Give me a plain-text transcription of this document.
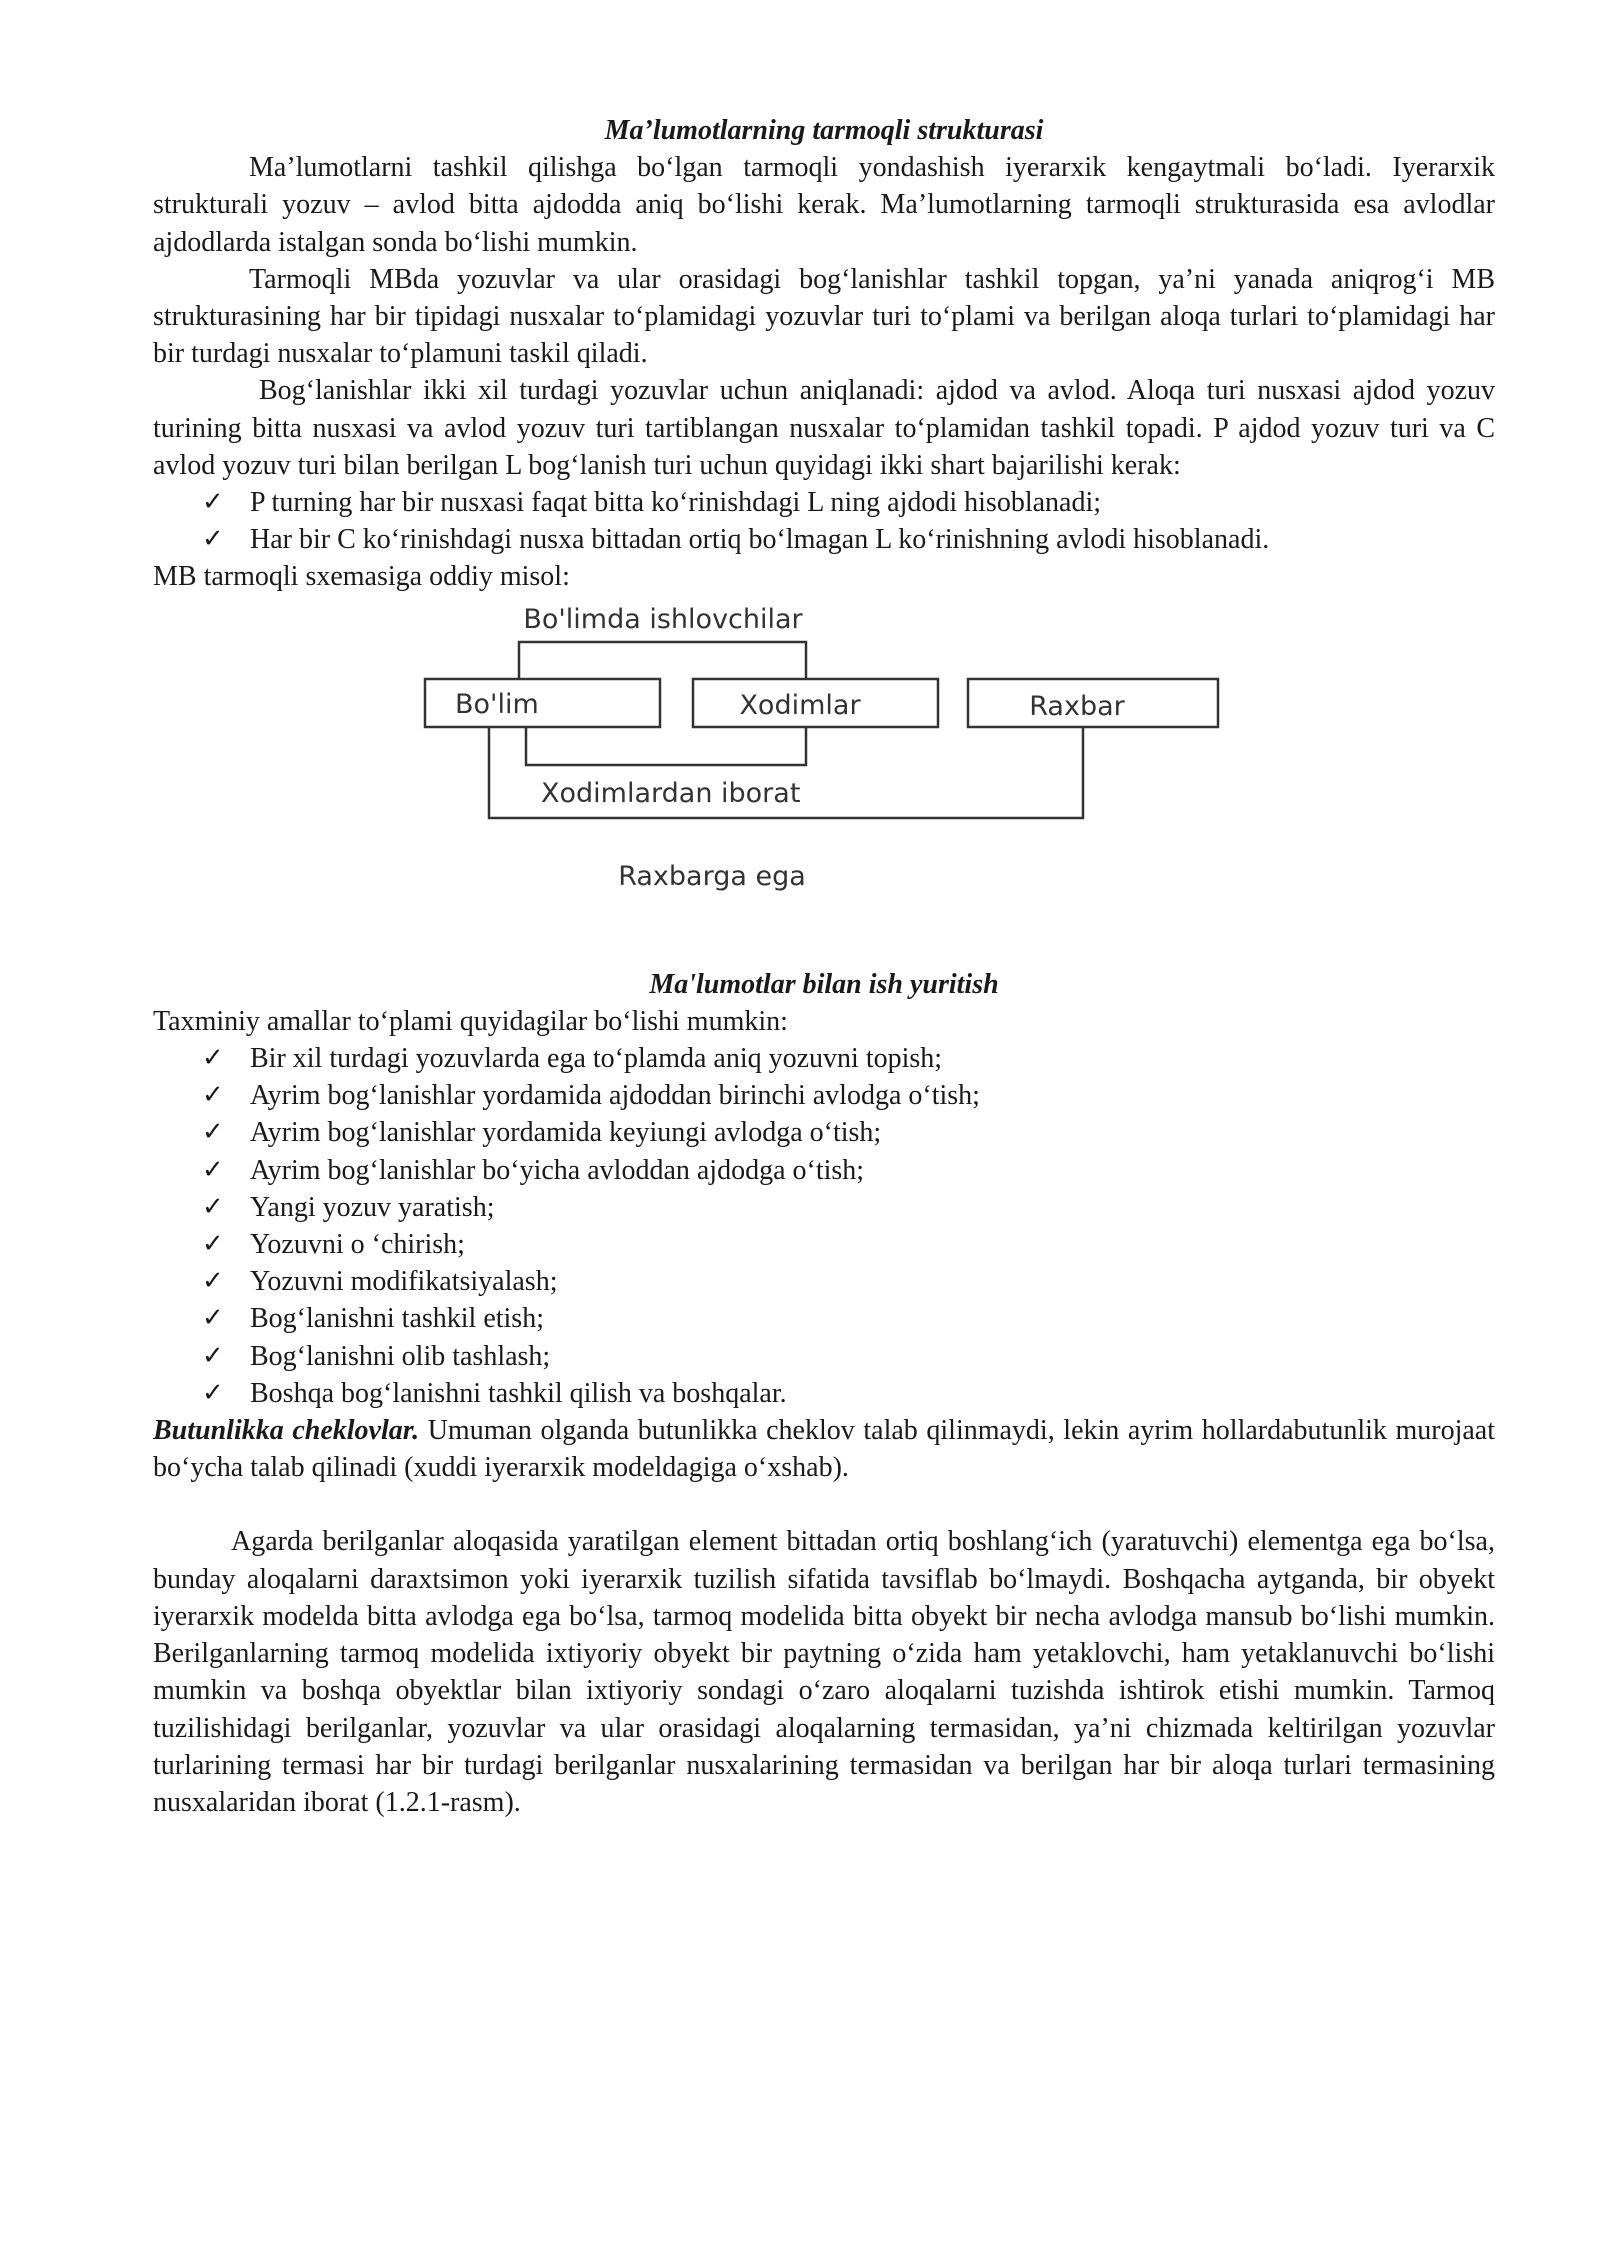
Ma’lumotlarning tarmoqli strukturasi

Ma’lumotlarni tashkil qilishga bo‘lgan tarmoqli yondashish iyerarxik kengaytmali bo‘ladi. Iyerarxik strukturali yozuv – avlod bitta ajdodda aniq bo‘lishi kerak. Ma’lumotlarning tarmoqli strukturasida esa avlodlar ajdodlarda istalgan sonda bo‘lishi mumkin.

Tarmoqli MBda yozuvlar va ular orasidagi bog‘lanishlar tashkil topgan, ya’ni yanada aniqrog‘i MB strukturasining har bir tipidagi nusxalar to‘plamidagi yozuvlar turi to‘plami va berilgan aloqa turlari to‘plamidagi har bir turdagi nusxalar to‘plamuni taskil qiladi.

Bog‘lanishlar ikki xil turdagi yozuvlar uchun aniqlanadi: ajdod va avlod. Aloqa turi nusxasi ajdod yozuv turining bitta nusxasi va avlod yozuv turi tartiblangan nusxalar to‘plamidan tashkil topadi. P ajdod yozuv turi va C avlod yozuv turi bilan berilgan L bog‘lanish turi uchun quyidagi ikki shart bajarilishi kerak:

✓ P turning har bir nusxasi faqat bitta ko‘rinishdagi L ning ajdodi hisoblanadi;
✓ Har bir C ko‘rinishdagi nusxa bittadan ortiq bo‘lmagan L ko‘rinishning avlodi hisoblanadi.

MB tarmoqli sxemasiga oddiy misol:

Bo'limda ishlovchilar
Bo'lim	Xodimlar	Raxbar
Xodimlardan iborat
Raxbarga ega

Ma'lumotlar bilan ish yuritish

Taxminiy amallar to‘plami quyidagilar bo‘lishi mumkin:

✓ Bir xil turdagi yozuvlarda ega to‘plamda aniq yozuvni topish;
✓ Ayrim bog‘lanishlar yordamida ajdoddan birinchi avlodga o‘tish;
✓ Ayrim bog‘lanishlar yordamida keyiungi avlodga o‘tish;
✓ Ayrim bog‘lanishlar bo‘yicha avloddan ajdodga o‘tish;
✓ Yangi yozuv yaratish;
✓ Yozuvni o ‘chirish;
✓ Yozuvni modifikatsiyalash;
✓ Bog‘lanishni tashkil etish;
✓ Bog‘lanishni olib tashlash;
✓ Boshqa bog‘lanishni tashkil qilish va boshqalar.

Butunlikka cheklovlar. Umuman olganda butunlikka cheklov talab qilinmaydi, lekin ayrim hollardabutunlik murojaat bo‘ycha talab qilinadi (xuddi iyerarxik modeldagiga o‘xshab).

Agarda berilganlar aloqasida yaratilgan element bittadan ortiq boshlang‘ich (yaratuvchi) elementga ega bo‘lsa, bunday aloqalarni daraxtsimon yoki iyerarxik tuzilish sifatida tavsiflab bo‘lmaydi. Boshqacha aytganda, bir obyekt iyerarxik modelda bitta avlodga ega bo‘lsa, tarmoq modelida bitta obyekt bir necha avlodga mansub bo‘lishi mumkin. Berilganlarning tarmoq modelida ixtiyoriy obyekt bir paytning o‘zida ham yetaklovchi, ham yetaklanuvchi bo‘lishi mumkin va boshqa obyektlar bilan ixtiyoriy sondagi o‘zaro aloqalarni tuzishda ishtirok etishi mumkin. Tarmoq tuzilishidagi berilganlar, yozuvlar va ular orasidagi aloqalarning termasidan, ya’ni chizmada keltirilgan yozuvlar turlarining termasi har bir turdagi berilganlar nusxalarining termasidan va berilgan har bir aloqa turlari termasining nusxalaridan iborat (1.2.1-rasm).
